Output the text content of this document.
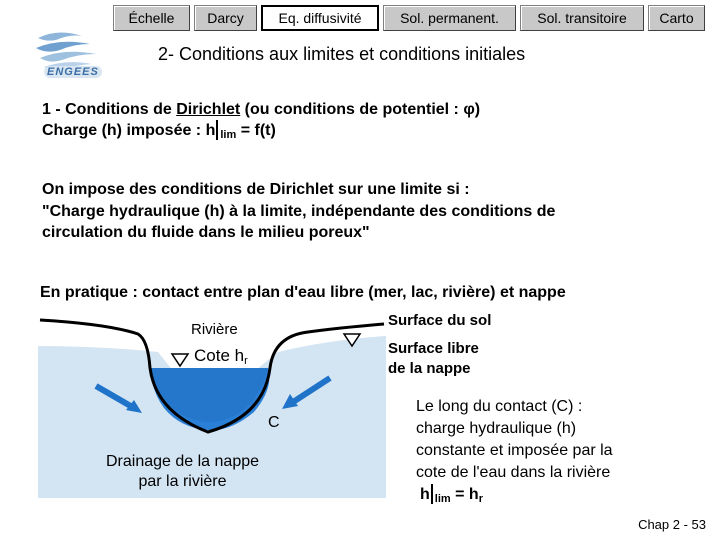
Échelle	Darcy	Eq. diffusivité	Sol. permanent.	Sol. transitoire	Carto
ENGEES
2- Conditions aux limites et conditions initiales
1 - Conditions de Dirichlet (ou conditions de potentiel : φ)
Charge (h) imposée : h $_{lim}$ = f(t)
On impose des conditions de Dirichlet sur une limite si :
"Charge hydraulique (h) à la limite, indépendante des conditions de
circulation du fluide dans le milieu poreux"
En pratique : contact entre plan d'eau libre (mer, lac, rivière) et nappe
Rivière
Cote $h_r$
C
Drainage de la nappe
par la rivière
Surface du sol
Surface libre
de la nappe
Le long du contact (C) :
charge hydraulique (h)
constante et imposée par la
cote de l'eau dans la rivière
h $_{lim} = h_r$
Chap 2 - 53
